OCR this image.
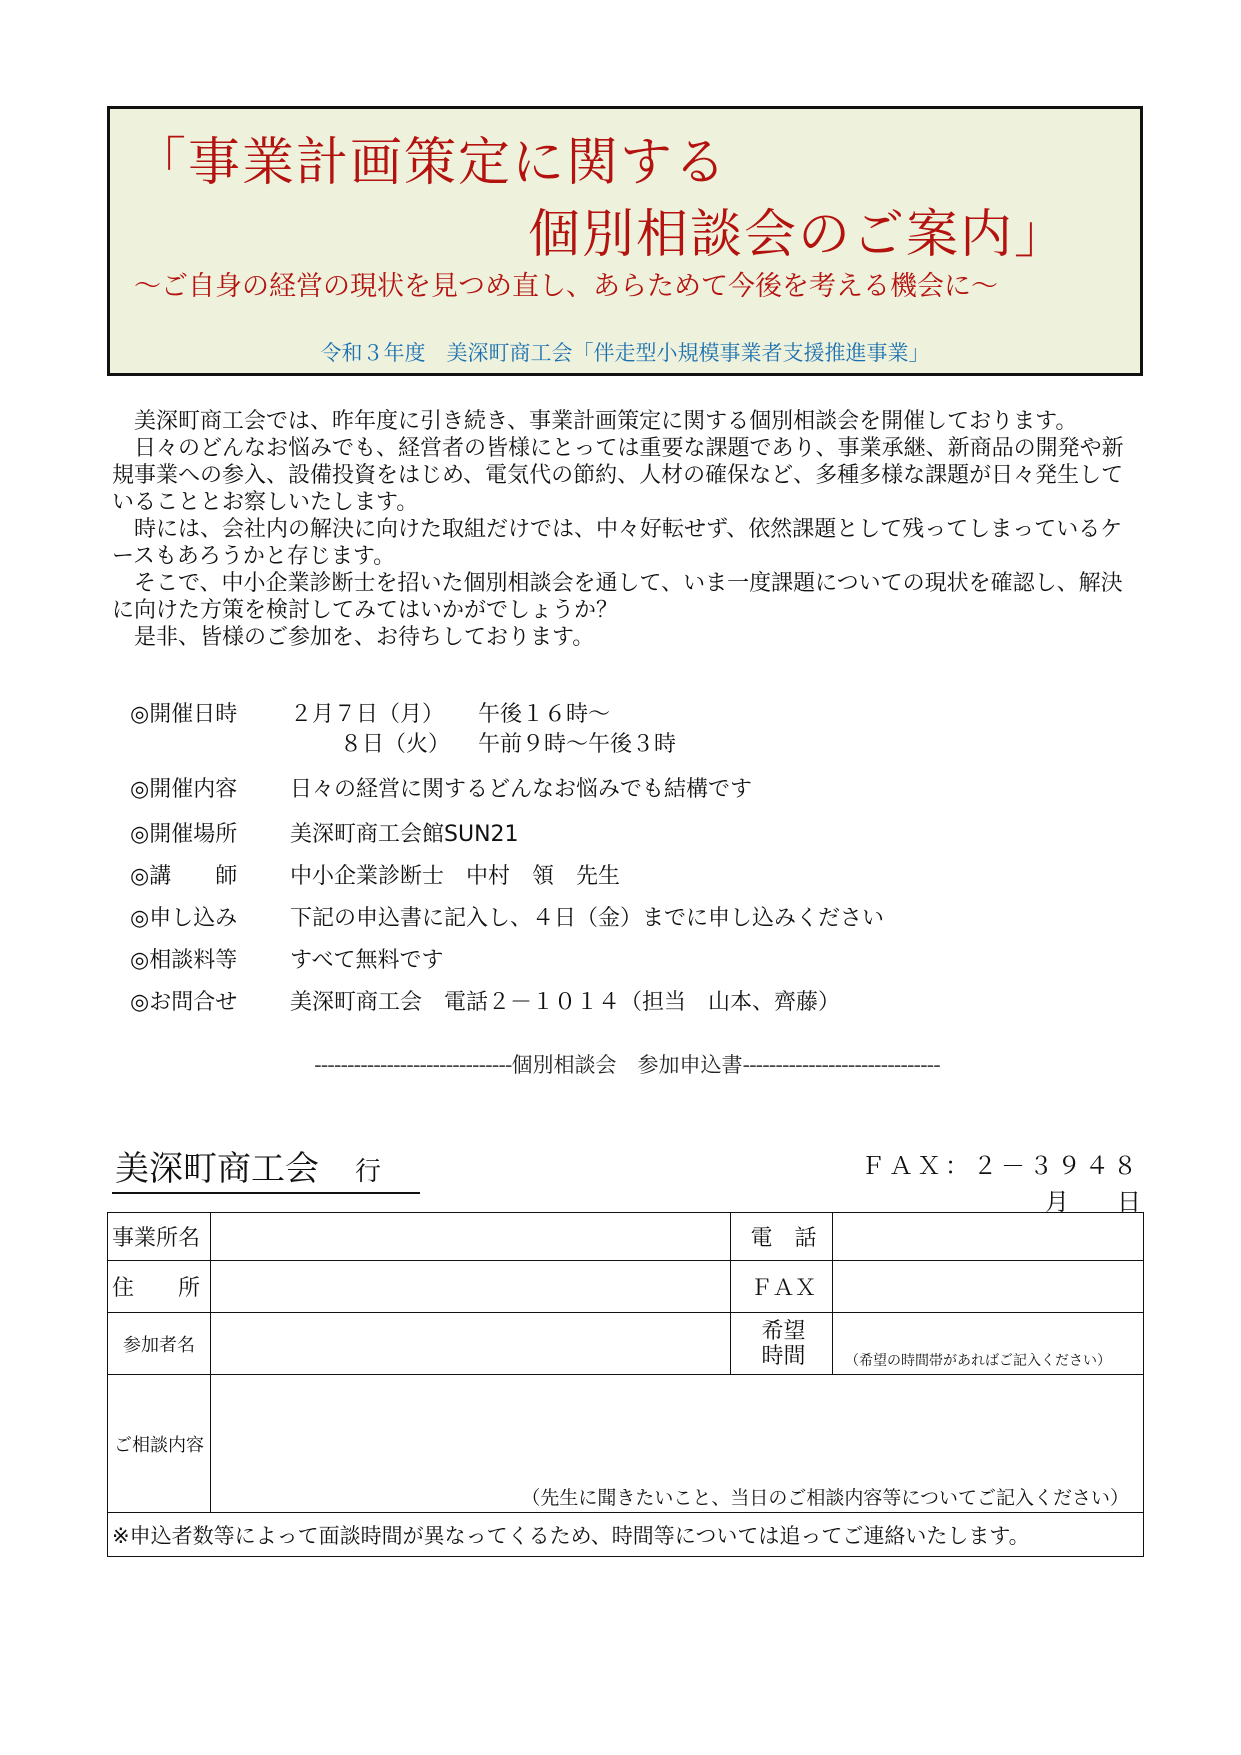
「事業計画策定に関する
個別相談会のご案内」
～ご自身の経営の現状を見つめ直し、あらためて今後を考える機会に～
令和３年度　美深町商工会「伴走型小規模事業者支援推進事業」

美深町商工会では、昨年度に引き続き、事業計画策定に関する個別相談会を開催しております。

日々のどんなお悩みでも、経営者の皆様にとっては重要な課題であり、事業承継、新商品の開発や新規事業への参入、設備投資をはじめ、電気代の節約、人材の確保など、多種多様な課題が日々発生していることとお察しいたします。

時には、会社内の解決に向けた取組だけでは、中々好転せず、依然課題として残ってしまっているケースもあろうかと存じます。

そこで、中小企業診断士を招いた個別相談会を通して、いま一度課題についての現状を確認し、解決に向けた方策を検討してみてはいかがでしょうか？

是非、皆様のご参加を、お待ちしております。

◎開催日時 ２月７日（月） 午後１６時～
８日（火） 午前９時～午後３時
◎開催内容 日々の経営に関するどんなお悩みでも結構です
◎開催場所 美深町商工会館SUN21
◎講　　師 中小企業診断士　中村　領　先生
◎申し込み 下記の申込書に記入し、４日（金）までに申し込みください
◎相談料等 すべて無料です
◎お問合せ 美深町商工会　電話２－１０１４（担当　山本、齊藤）
------------------------------個別相談会　参加申込書------------------------------
美深町商工会 行	ＦＡＸ：２－３９４８
月　　日
事業所名		電　話	
住　　所		ＦＡＸ	
参加者名		希望
時間	（希望の時間帯があればご記入ください）
ご相談内容	（先生に聞きたいこと、当日のご相談内容等についてご記入ください）		

※申込者数等によって面談時間が異なってくるため、時間等については追ってご連絡いたします。			
